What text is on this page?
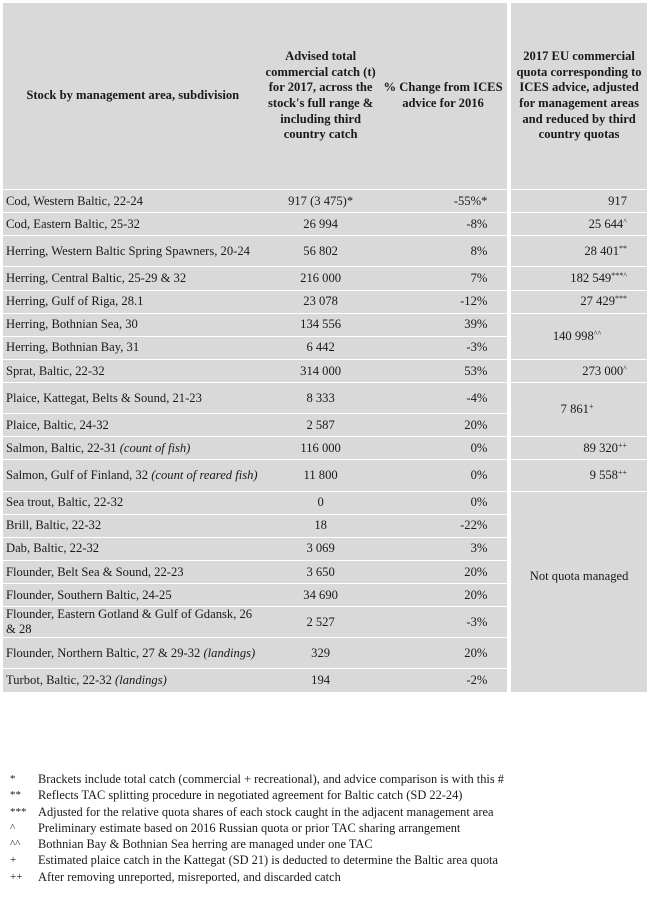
Stock by management area, subdivision	Advised total commercial catch (t) for 2017, across the stock's full range & including third country catch	% Change from ICES advice for 2016		2017 EU commercial quota corresponding to ICES advice, adjusted for management areas and reduced by third country quotas
Cod, Western Baltic, 22-24	917 (3 475)*	-55%*		917
Cod, Eastern Baltic, 25-32	26 994	-8%		25 644^
Herring, Western Baltic Spring Spawners, 20-24	56 802	8%		28 401**
Herring, Central Baltic, 25-29 & 32	216 000	7%		182 549***^
Herring, Gulf of Riga, 28.1	23 078	-12%		27 429***
Herring, Bothnian Sea, 30	134 556	39%		140 998^^
Herring, Bothnian Bay, 31	6 442	-3%		
Sprat, Baltic, 22-32	314 000	53%		273 000^
Plaice, Kattegat, Belts & Sound, 21-23	8 333	-4%		7 861+
Plaice, Baltic, 24-32	2 587	20%		
Salmon, Baltic, 22-31 (count of fish)	116 000	0%		89 320++
Salmon, Gulf of Finland, 32 (count of reared fish)	11 800	0%		9 558++
Sea trout, Baltic, 22-32	0	0%		Not quota managed
Brill, Baltic, 22-32	18	-22%		
Dab, Baltic, 22-32	3 069	3%		
Flounder, Belt Sea & Sound, 22-23	3 650	20%		
Flounder, Southern Baltic, 24-25	34 690	20%		
Flounder, Eastern Gotland & Gulf of Gdansk, 26 & 28	2 527	-3%		
Flounder, Northern Baltic, 27 & 29-32 (landings)	329	20%		
Turbot, Baltic, 22-32 (landings)	194	-2%		
*	Brackets include total catch (commercial + recreational), and advice comparison is with this #
**	Reflects TAC splitting procedure in negotiated agreement for Baltic catch (SD 22-24)
*** Adjusted for the relative quota shares of each stock caught in the adjacent management area
^	Preliminary estimate based on 2016 Russian quota or prior TAC sharing arrangement
^^	Bothnian Bay & Bothnian Sea herring are managed under one TAC
+	Estimated plaice catch in the Kattegat (SD 21) is deducted to determine the Baltic area quota
++	After removing unreported, misreported, and discarded catch
